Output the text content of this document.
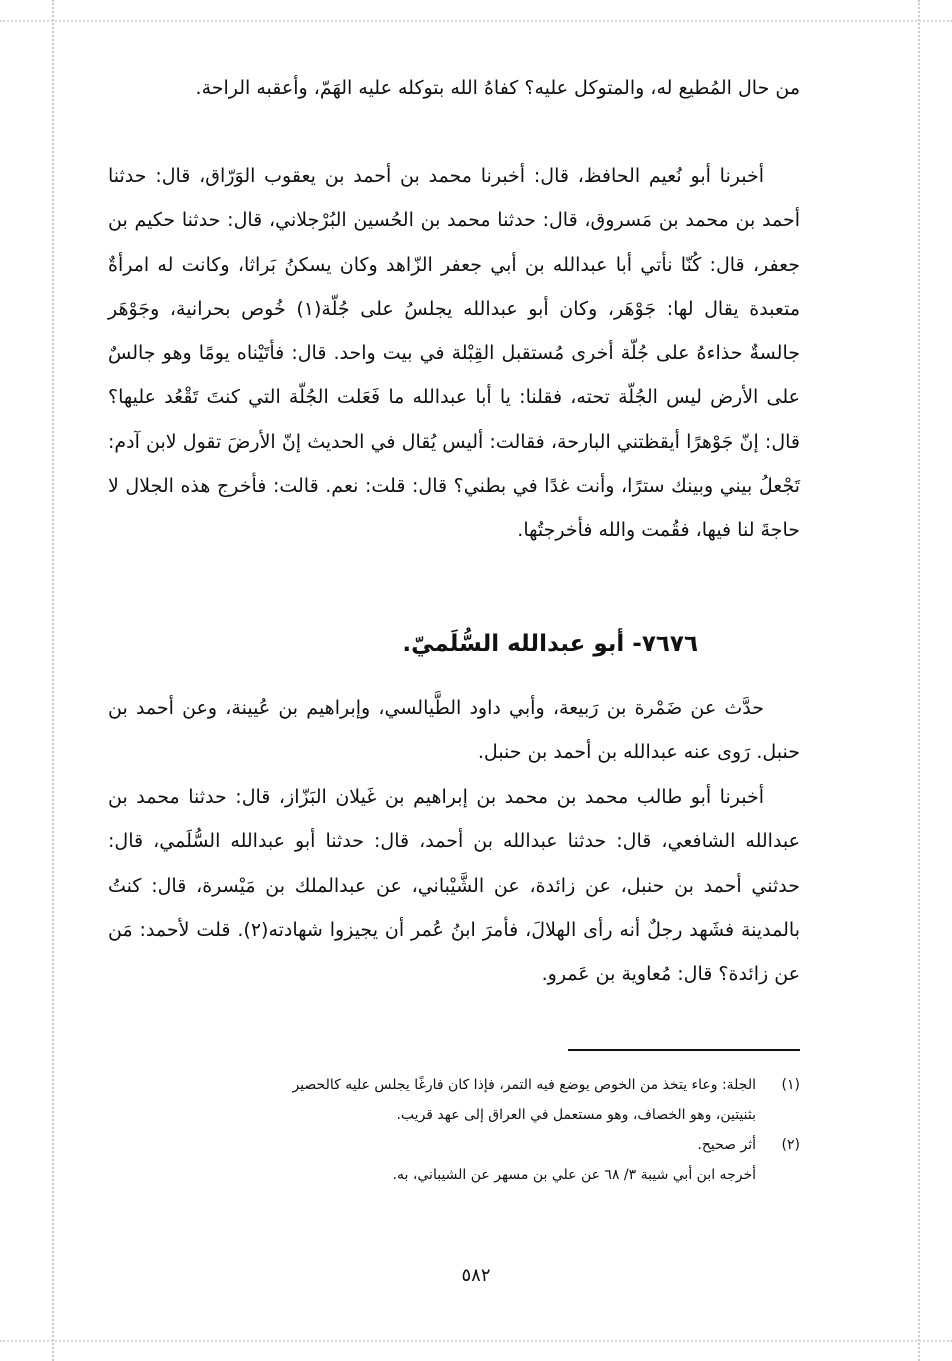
من حال المُطيع له، والمتوكل عليه؟ كفاهُ الله بتوكله عليه الهَمّ، وأعقبه الراحة.

أخبرنا أبو نُعيم الحافظ، قال: أخبرنا محمد بن أحمد بن يعقوب الوَرّاق، قال: حدثنا أحمد بن محمد بن مَسروق، قال: حدثنا محمد بن الحُسين البُرْجلاني، قال: حدثنا حكيم بن جعفر، قال: كُنّا نأتي أبا عبدالله بن أبي جعفر الزّاهد وكان يسكنُ بَراثا، وكانت له امرأةٌ متعبدة يقال لها: جَوْهَر، وكان أبو عبدالله يجلسُ على جُلّة(١) خُوص بحرانية، وجَوْهَر جالسةٌ حذاءهُ على جُلّة أخرى مُستقبل القِبْلة في بيت واحد. قال: فأتَيْناه يومًا وهو جالسٌ على الأرض ليس الجُلّة تحته، فقلنا: يا أبا عبدالله ما فَعَلت الجُلّة التي كنتَ تَقْعُد عليها؟ قال: إنّ جَوْهرًا أيقظتني البارحة، فقالت: أليس يُقال في الحديث إنّ الأرضَ تقول لابن آدم: تَجْعلُ بيني وبينك سترًا، وأنت غدًا في بطني؟ قال: قلت: نعم. قالت: فأخرج هذه الجلال لا حاجةَ لنا فيها، فقُمت والله فأخرجتُها.

٧٦٧٦- أبو عبدالله السُّلَميّ.

حدَّث عن ضَمْرة بن رَبيعة، وأبي داود الطَّيالسي، وإبراهيم بن عُيينة، وعن أحمد بن حنبل. رَوى عنه عبدالله بن أحمد بن حنبل.

أخبرنا أبو طالب محمد بن محمد بن إبراهيم بن غَيلان البَزّاز، قال: حدثنا محمد بن عبدالله الشافعي، قال: حدثنا عبدالله بن أحمد، قال: حدثنا أبو عبدالله السُّلَمي، قال: حدثني أحمد بن حنبل، عن زائدة، عن الشَّيْباني، عن عبدالملك بن مَيْسرة، قال: كنتُ بالمدينة فشَهد رجلٌ أنه رأى الهلالَ، فأمرَ ابنُ عُمر أن يجيزوا شهادته(٢). قلت لأحمد: مَن عن زائدة؟ قال: مُعاوية بن عَمرو.

(١)الجلة: وعاء يتخذ من الخوص يوضع فيه التمر، فإذا كان فارغًا يجلس عليه كالحصير
بثنيتين، وهو الخصاف، وهو مستعمل في العراق إلى عهد قريب.
(٢)أثر صحيح.
أخرجه ابن أبي شيبة ٣/ ٦٨ عن علي بن مسهر عن الشيباني، به.
٥٨٢
